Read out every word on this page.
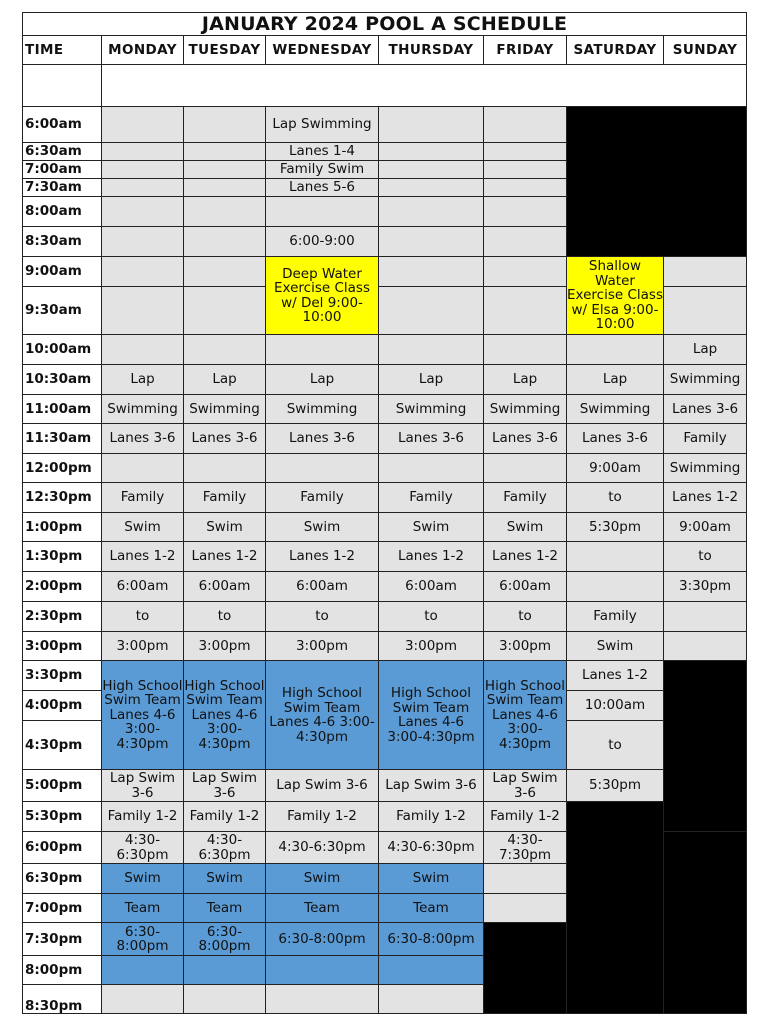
JANUARY 2024 POOL A SCHEDULE							
TIME	MONDAY	TUESDAY	WEDNESDAY	THURSDAY	FRIDAY	SATURDAY	SUNDAY

6:00am			Lap Swimming				
6:30am			Lanes 1-4				
7:00am			Family Swim				
7:30am			Lanes 5-6				
8:00am							
8:30am			6:00-9:00				
9:00am			Deep Water Exercise Class w/ Del 9:00-10:00			Shallow Water Exercise Class w/ Elsa 9:00-10:00	
9:30am							
10:00am							Lap
10:30am	Lap	Lap	Lap	Lap	Lap	Lap	Swimming
11:00am	Swimming	Swimming	Swimming	Swimming	Swimming	Swimming	Lanes 3-6
11:30am	Lanes 3-6	Lanes 3-6	Lanes 3-6	Lanes 3-6	Lanes 3-6	Lanes 3-6	Family
12:00pm						9:00am	Swimming
12:30pm	Family	Family	Family	Family	Family	to	Lanes 1-2
1:00pm	Swim	Swim	Swim	Swim	Swim	5:30pm	9:00am
1:30pm	Lanes 1-2	Lanes 1-2	Lanes 1-2	Lanes 1-2	Lanes 1-2		to
2:00pm	6:00am	6:00am	6:00am	6:00am	6:00am		3:30pm
2:30pm	to	to	to	to	to	Family	
3:00pm	3:00pm	3:00pm	3:00pm	3:00pm	3:00pm	Swim	
3:30pm	High School Swim Team Lanes 4-6 3:00-4:30pm	High School Swim Team Lanes 4-6 3:00-4:30pm	High School Swim Team Lanes 4-6 3:00-4:30pm	High School Swim Team Lanes 4-6 3:00-4:30pm	High School Swim Team Lanes 4-6 3:00-4:30pm	Lanes 1-2	
4:00pm						10:00am	
4:30pm						to	
5:00pm	Lap Swim 3-6	Lap Swim 3-6	Lap Swim 3-6	Lap Swim 3-6	Lap Swim 3-6	5:30pm	
5:30pm	Family 1-2	Family 1-2	Family 1-2	Family 1-2	Family 1-2		
6:00pm	4:30-6:30pm	4:30-6:30pm	4:30-6:30pm	4:30-6:30pm	4:30-7:30pm		
6:30pm	Swim	Swim	Swim	Swim			
7:00pm	Team	Team	Team	Team			
7:30pm	6:30-8:00pm	6:30-8:00pm	6:30-8:00pm	6:30-8:00pm			
8:00pm							
8:30pm							
